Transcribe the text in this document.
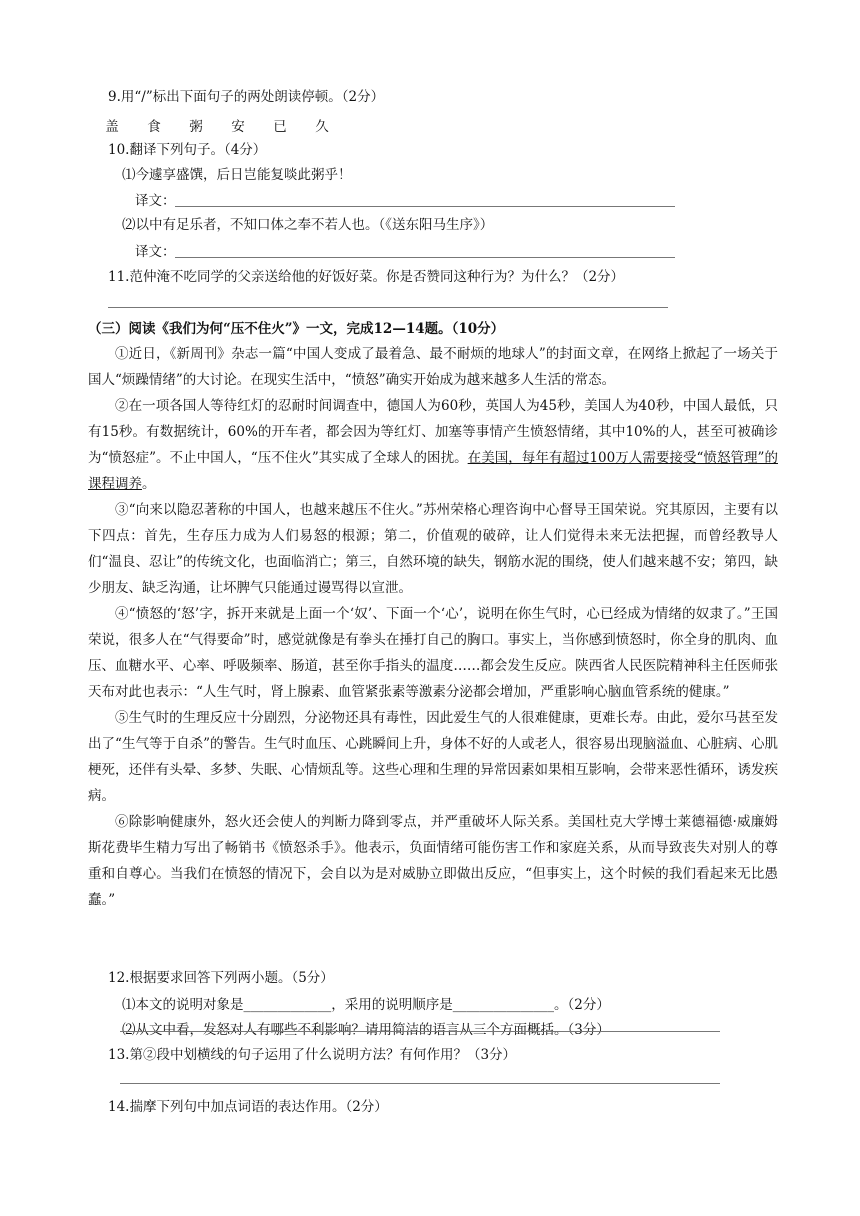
9.用“/”标出下面句子的两处朗读停顿。（2分）
盖	食	粥	安	已	久
10.翻译下列句子。（4分）
⑴今遽享盛馔，后日岂能复啖此粥乎！
译文：
⑵以中有足乐者，不知口体之奉不若人也。（《送东阳马生序》）
译文：
11.范仲淹不吃同学的父亲送给他的好饭好菜。你是否赞同这种行为？为什么？（2分）
（三）阅读《我们为何“压不住火”》一文，完成12—14题。（10分）

①近日，《新周刊》杂志一篇“中国人变成了最着急、最不耐烦的地球人”的封面文章，在网络上掀起了一场关于国人“烦躁情绪”的大讨论。在现实生活中，“愤怒”确实开始成为越来越多人生活的常态。

②在一项各国人等待红灯的忍耐时间调查中，德国人为60秒，英国人为45秒，美国人为40秒，中国人最低，只有15秒。有数据统计，60%的开车者，都会因为等红灯、加塞等事情产生愤怒情绪，其中10%的人，甚至可被确诊为“愤怒症”。不止中国人，“压不住火”其实成了全球人的困扰。在美国，每年有超过100万人需要接受“愤怒管理”的课程调养。

③“向来以隐忍著称的中国人，也越来越压不住火。”苏州荣格心理咨询中心督导王国荣说。究其原因，主要有以下四点：首先，生存压力成为人们易怒的根源；第二，价值观的破碎，让人们觉得未来无法把握，而曾经教导人们“温良、忍让”的传统文化，也面临消亡；第三，自然环境的缺失，钢筋水泥的围绕，使人们越来越不安；第四，缺少朋友、缺乏沟通，让坏脾气只能通过谩骂得以宣泄。

④“愤怒的‘怒’字，拆开来就是上面一个‘奴’、下面一个‘心’，说明在你生气时，心已经成为情绪的奴隶了。”王国荣说，很多人在“气得要命”时，感觉就像是有拳头在捶打自己的胸口。事实上，当你感到愤怒时，你全身的肌肉、血压、血糖水平、心率、呼吸频率、肠道，甚至你手指头的温度……都会发生反应。陕西省人民医院精神科主任医师张天布对此也表示：“人生气时，肾上腺素、血管紧张素等激素分泌都会增加，严重影响心脑血管系统的健康。”

⑤生气时的生理反应十分剧烈，分泌物还具有毒性，因此爱生气的人很难健康，更难长寿。由此，爱尔马甚至发出了“生气等于自杀”的警告。生气时血压、心跳瞬间上升，身体不好的人或老人，很容易出现脑溢血、心脏病、心肌梗死，还伴有头晕、多梦、失眠、心情烦乱等。这些心理和生理的异常因素如果相互影响，会带来恶性循环，诱发疾病。

⑥除影响健康外，怒火还会使人的判断力降到零点，并严重破坏人际关系。美国杜克大学博士莱德福德·威廉姆斯花费毕生精力写出了畅销书《愤怒杀手》。他表示，负面情绪可能伤害工作和家庭关系，从而导致丧失对别人的尊重和自尊心。当我们在愤怒的情况下，会自以为是对威胁立即做出反应，“但事实上，这个时候的我们看起来无比愚蠢。”

12.根据要求回答下列两小题。（5分）
⑴本文的说明对象是_____________，采用的说明顺序是_______________。（2分）
⑵从文中看，发怒对人有哪些不利影响？请用简洁的语言从三个方面概括。（3分）
13.第②段中划横线的句子运用了什么说明方法？有何作用？（3分）
14.揣摩下列句中加点词语的表达作用。（2分）
